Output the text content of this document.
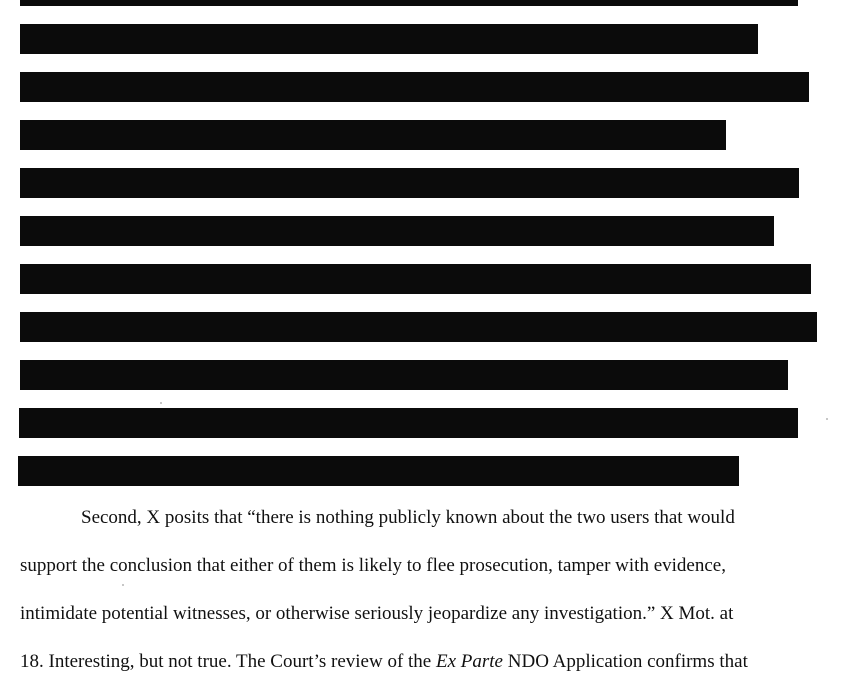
Second, X posits that “there is nothing publicly known about the two users that would

support the conclusion that either of them is likely to flee prosecution, tamper with evidence,

intimidate potential witnesses, or otherwise seriously jeopardize any investigation.” X Mot. at

18. Interesting, but not true. The Court’s review of the Ex Parte NDO Application confirms that
